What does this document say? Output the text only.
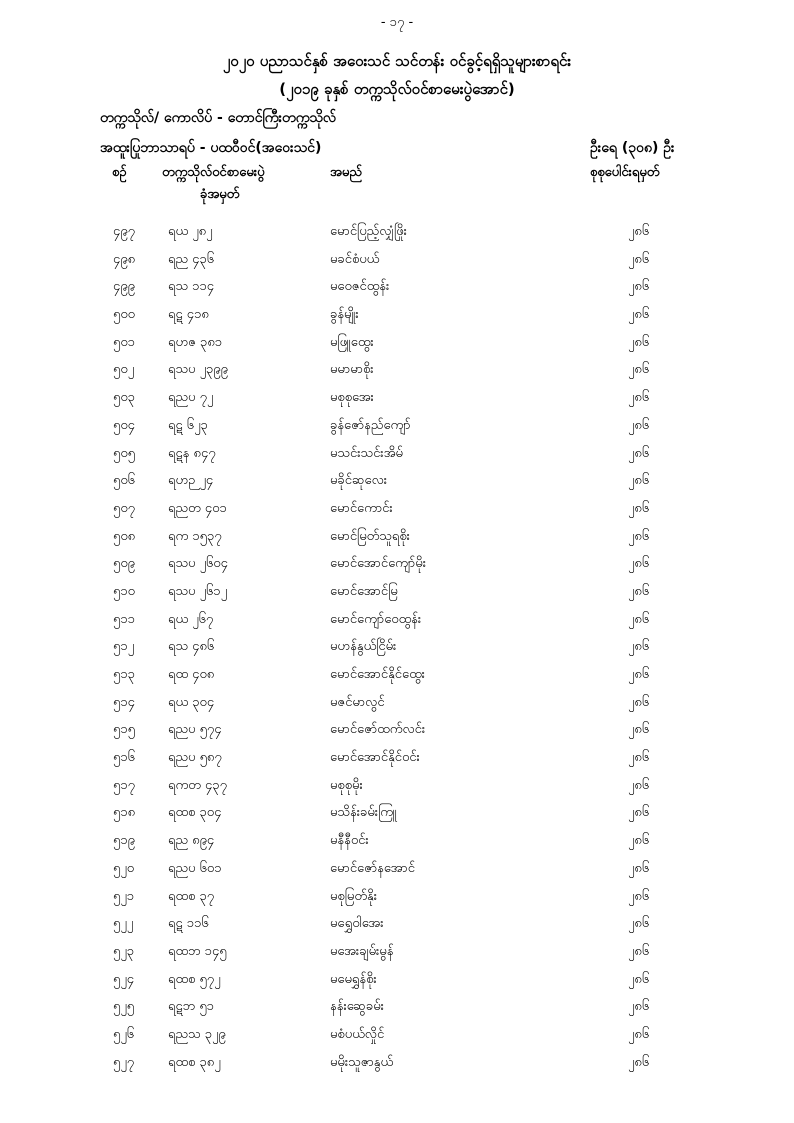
- ၁၇ -
၂၀၂၀ ပညာသင်နှစ် အဝေးသင် သင်တန်း ဝင်ခွင့်ရရှိသူများစာရင်း
(၂၀၁၉ ခုနှစ် တက္ကသိုလ်ဝင်စာမေးပွဲအောင်)
တက္ကသိုလ်/ ကောလိပ် - တောင်ကြီးတက္ကသိုလ်
အထူးပြုဘာသာရပ် - ပထဝီဝင်(အဝေးသင်)	ဦးရေ (၃၀၈) ဦး
စဉ်	တက္ကသိုလ်ဝင်စာမေးပွဲ
ခုံအမှတ်
အမည်	စုစုပေါင်းရမှတ်
၄၉၇	ရယ ၂၈၂	မောင်ပြည့်လျှံဖြိုး	၂၈၆
၄၉၈	ရည ၄၃၆	မခင်စံပယ်	၂၈၆
၄၉၉	ရသ ၁၁၄	မဝေဇင်ထွန်း	၂၈၆
၅၀၀	ရဋ ၄၁၈	ခွန်မျိုး	၂၈၆
၅၀၁	ရဟဇ ၃၈၁	မဖြူထွေး	၂၈၆
၅၀၂	ရသပ ၂၃၉၉	မမာမာစိုး	၂၈၆
၅၀၃	ရညပ ၇၂	မစုစုအေး	၂၈၆
၅၀၄	ရဋ ၆၂၃	ခွန်ဇော်နည်ကျော်	၂၈၆
၅၀၅	ရဋန ၈၄၇	မသင်းသင်းအိမ်	၂၈၆
၅၀၆	ရဟဉ ၂၄	မခိုင်ဆုလေး	၂၈၆
၅၀၇	ရညတ ၄၀၁	မောင်ကောင်း	၂၈၆
၅၀၈	ရက ၁၅၃၇	မောင်မြတ်သူရစိုး	၂၈၆
၅၀၉	ရသပ ၂၆၀၄	မောင်အောင်ကျော်မိုး	၂၈၆
၅၁၀	ရသပ ၂၆၁၂	မောင်အောင်မြ	၂၈၆
၅၁၁	ရယ ၂၆၇	မောင်ကျော်ဝေထွန်း	၂၈၆
၅၁၂	ရသ ၄၈၆	မဟန်နွယ်ငြိမ်း	၂၈၆
၅၁၃	ရထ ၄၀၈	မောင်အောင်နိုင်ထွေး	၂၈၆
၅၁၄	ရယ ၃၀၄	မဇင်မာလွင်	၂၈၆
၅၁၅	ရညပ ၅၇၄	မောင်ဇော်ထက်လင်း	၂၈၆
၅၁၆	ရညပ ၅၈၇	မောင်အောင်နိုင်ဝင်း	၂၈၆
၅၁၇	ရကတ ၄၃၇	မစုစုမိုး	၂၈၆
၅၁၈	ရထစ ၃၀၄	မသိန်းခမ်းကြူ	၂၈၆
၅၁၉	ရည ၈၉၄	မနီနီဝင်း	၂၈၆
၅၂၀	ရညပ ၆၀၁	မောင်ဇော်နအောင်	၂၈၆
၅၂၁	ရထစ ၃၇	မစုမြတ်နိုး	၂၈၆
၅၂၂	ရဋ ၁၁၆	မရွှေဝါအေး	၂၈၆
၅၂၃	ရထဘ ၁၄၅	မအေးချမ်းမွန်	၂၈၆
၅၂၄	ရထစ ၅၇၂	မမေရွှန်စိုး	၂၈၆
၅၂၅	ရဋဘ ၅၁	နန်းဆွေခမ်း	၂၈၆
၅၂၆	ရညသ ၃၂၉	မစံပယ်လှိုင်	၂၈၆
၅၂၇	ရထစ ၃၈၂	မမိုးသူဇာနွယ်	၂၈၆
